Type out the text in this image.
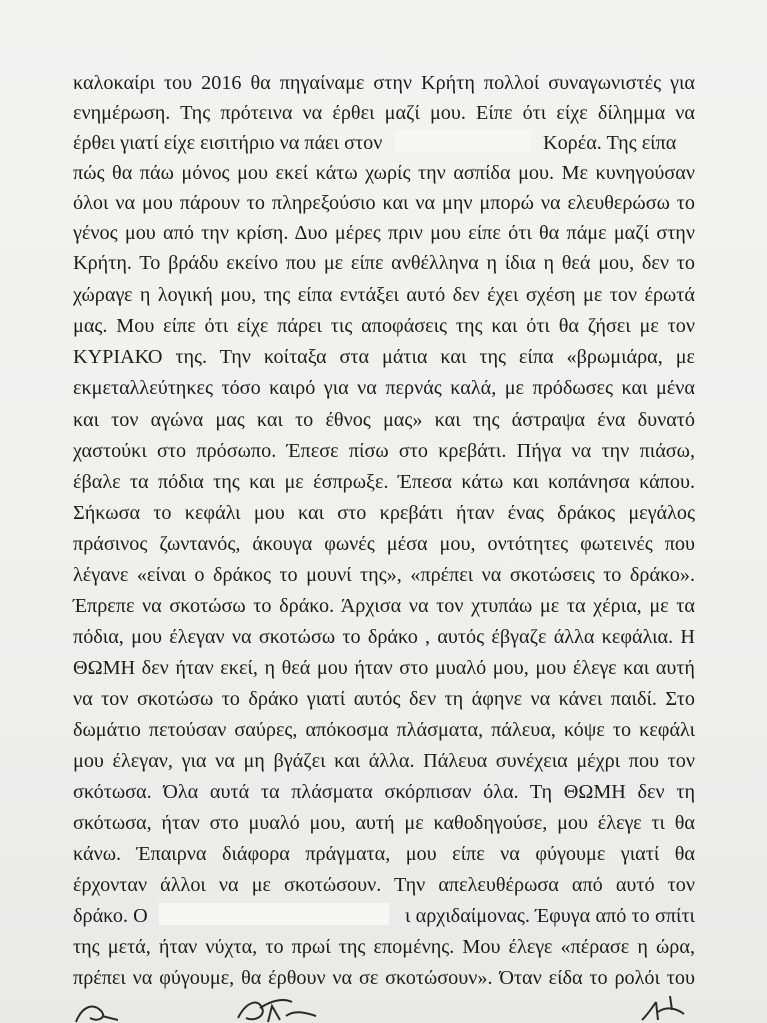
καλοκαίρι του 2016 θα πηγαίναμε στην Κρήτη πολλοί συναγωνιστές για
ενημέρωση. Της πρότεινα να έρθει μαζί μου. Είπε ότι είχε δίλημμα να
έρθει γιατί είχε εισιτήριο να πάει στον	Κορέα. Της είπα
πώς θα πάω μόνος μου εκεί κάτω χωρίς την ασπίδα μου. Με κυνηγούσαν
όλοι να μου πάρουν το πληρεξούσιο και να μην μπορώ να ελευθερώσω το
γένος μου από την κρίση. Δυο μέρες πριν μου είπε ότι θα πάμε μαζί στην
Κρήτη. Το βράδυ εκείνο που με είπε ανθέλληνα η ίδια η θεά μου, δεν το
χώραγε η λογική μου, της είπα εντάξει αυτό δεν έχει σχέση με τον έρωτά
μας. Μου είπε ότι είχε πάρει τις αποφάσεις της και ότι θα ζήσει με τον
ΚΥΡΙΑΚΟ της. Την κοίταξα στα μάτια και της είπα «βρωμιάρα, με
εκμεταλλεύτηκες τόσο καιρό για να περνάς καλά, με πρόδωσες και μένα
και τον αγώνα μας και το έθνος μας» και της άστραψα ένα δυνατό
χαστούκι στο πρόσωπο. Έπεσε πίσω στο κρεβάτι. Πήγα να την πιάσω,
έβαλε τα πόδια της και με έσπρωξε. Έπεσα κάτω και κοπάνησα κάπου.
Σήκωσα το κεφάλι μου και στο κρεβάτι ήταν ένας δράκος μεγάλος
πράσινος ζωντανός, άκουγα φωνές μέσα μου, οντότητες φωτεινές που
λέγανε «είναι ο δράκος το μουνί της», «πρέπει να σκοτώσεις το δράκο».
Έπρεπε να σκοτώσω το δράκο. Άρχισα να τον χτυπάω με τα χέρια, με τα
πόδια, μου έλεγαν να σκοτώσω το δράκο , αυτός έβγαζε άλλα κεφάλια. Η
ΘΩΜΗ δεν ήταν εκεί, η θεά μου ήταν στο μυαλό μου, μου έλεγε και αυτή
να τον σκοτώσω το δράκο γιατί αυτός δεν τη άφηνε να κάνει παιδί. Στο
δωμάτιο πετούσαν σαύρες, απόκοσμα πλάσματα, πάλευα, κόψε το κεφάλι
μου έλεγαν, για να μη βγάζει και άλλα. Πάλευα συνέχεια μέχρι που τον
σκότωσα. Όλα αυτά τα πλάσματα σκόρπισαν όλα. Τη ΘΩΜΗ δεν τη
σκότωσα, ήταν στο μυαλό μου, αυτή με καθοδηγούσε, μου έλεγε τι θα
κάνω. Έπαιρνα διάφορα πράγματα, μου είπε να φύγουμε γιατί θα
έρχονταν άλλοι να με σκοτώσουν. Την απελευθέρωσα από αυτό τον
δράκο. Ο	ι αρχιδαίμονας. Έφυγα από το σπίτι
της μετά, ήταν νύχτα, το πρωί της επομένης. Μου έλεγε «πέρασε η ώρα,
πρέπει να φύγουμε, θα έρθουν να σε σκοτώσουν». Όταν είδα το ρολόι του
